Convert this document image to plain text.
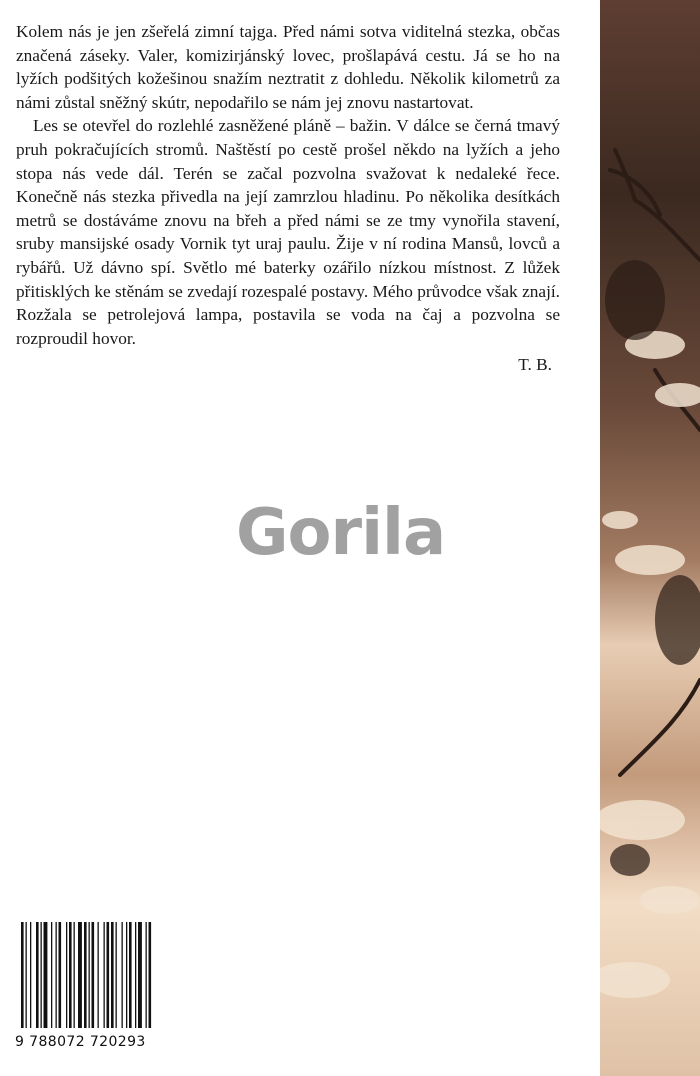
Kolem nás je jen zšeřelá zimní tajga. Před námi sotva viditelná stezka, občas značená záseky. Valer, komizirjánský lovec, prošlapává cestu. Já se ho na lyžích podšitých kožešinou snažím neztratit z dohledu. Několik kilometrů za námi zůstal sněžný skútr, nepodařilo se nám jej znovu nastartovat.

Les se otevřel do rozlehlé zasněžené pláně – bažin. V dálce se černá tmavý pruh pokračujících stromů. Naštěstí po cestě prošel někdo na lyžích a jeho stopa nás vede dál. Terén se začal pozvolna svažovat k nedaleké řece. Konečně nás stezka přivedla na její zamrzlou hladinu. Po několika desítkách metrů se dostáváme znovu na břeh a před námi se ze tmy vynořila stavení, sruby mansijské osady Vornik tyt uraj paulu. Žije v ní rodina Mansů, lovců a rybářů. Už dávno spí. Světlo mé baterky ozářilo nízkou místnost. Z lůžek přitisklých ke stěnám se zvedají rozespalé postavy. Mého průvodce však znají. Rozžala se petrolejová lampa, postavila se voda na čaj a pozvolna se rozproudil hovor.

T. B.
Gorila
9 788072 720293
